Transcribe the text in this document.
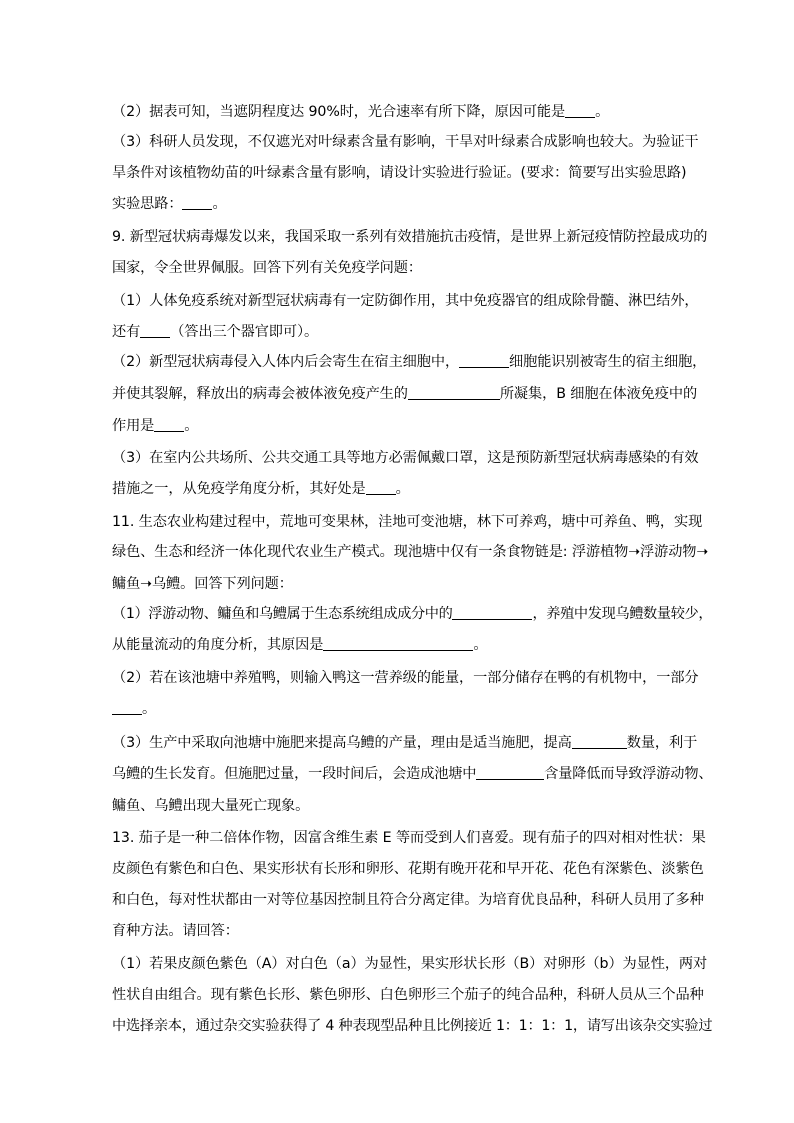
（2）据表可知，当遮阴程度达 90%时，光合速率有所下降，原因可能是 。
（3）科研人员发现，不仅遮光对叶绿素含量有影响，干旱对叶绿素合成影响也较大。为验证干
旱条件对该植物幼苗的叶绿素含量有影响，请设计实验进行验证。(要求：简要写出实验思路)
实验思路： 。
9. 新型冠状病毒爆发以来，我国采取一系列有效措施抗击疫情，是世界上新冠疫情防控最成功的
国家，令全世界佩服。回答下列有关免疫学问题：
（1）人体免疫系统对新型冠状病毒有一定防御作用，其中免疫器官的组成除骨髓、淋巴结外，
还有 （答出三个器官即可）。
（2）新型冠状病毒侵入人体内后会寄生在宿主细胞中，	细胞能识别被寄生的宿主细胞，
并使其裂解，释放出的病毒会被体液免疫产生的	所凝集，B 细胞在体液免疫中的
作用是 。
（3）在室内公共场所、公共交通工具等地方必需佩戴口罩，这是预防新型冠状病毒感染的有效
措施之一，从免疫学角度分析，其好处是 。
11. 生态农业构建过程中，荒地可变果林，洼地可变池塘，林下可养鸡，塘中可养鱼、鸭，实现
绿色、生态和经济一体化现代农业生产模式。现池塘中仅有一条食物链是: 浮游植物➝浮游动物➝
鳙鱼➝乌鳢。回答下列问题：
（1）浮游动物、鳙鱼和乌鳢属于生态系统组成成分中的	，养殖中发现乌鳢数量较少，
从能量流动的角度分析，其原因是	。
（2）若在该池塘中养殖鸭，则输入鸭这一营养级的能量，一部分储存在鸭的有机物中，一部分
。
（3）生产中采取向池塘中施肥来提高乌鳢的产量，理由是适当施肥，提高	数量，利于
乌鳢的生长发育。但施肥过量，一段时间后，会造成池塘中	含量降低而导致浮游动物、
鳙鱼、乌鳢出现大量死亡现象。
13. 茄子是一种二倍体作物，因富含维生素 E 等而受到人们喜爱。现有茄子的四对相对性状：果
皮颜色有紫色和白色、果实形状有长形和卵形、花期有晚开花和早开花、花色有深紫色、淡紫色
和白色，每对性状都由一对等位基因控制且符合分离定律。为培育优良品种，科研人员用了多种
育种方法。请回答：
（1）若果皮颜色紫色（A）对白色（a）为显性，果实形状长形（B）对卵形（b）为显性，两对
性状自由组合。现有紫色长形、紫色卵形、白色卵形三个茄子的纯合品种，科研人员从三个品种
中选择亲本，通过杂交实验获得了 4 种表现型品种且比例接近 1：1：1：1，请写出该杂交实验过
